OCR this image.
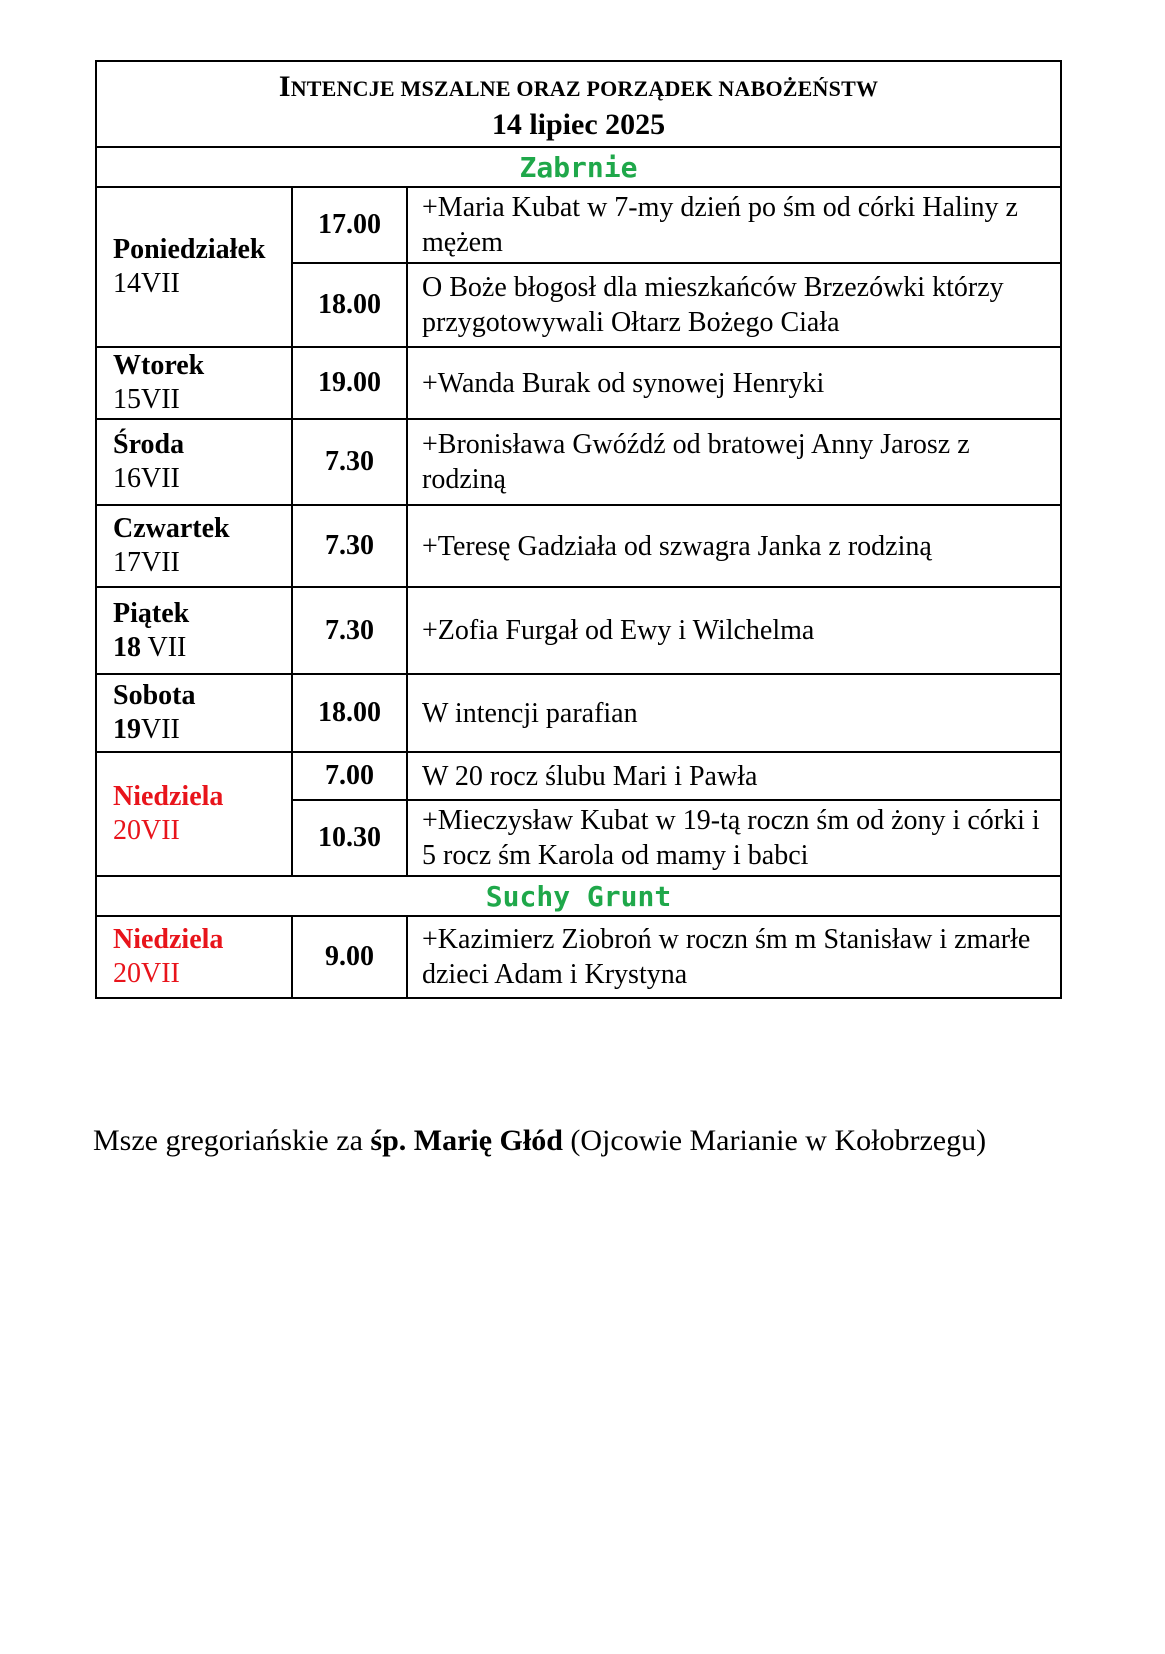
INTENCJE MSZALNE ORAZ PORZĄDEK NABOŻEŃSTW
14 lipiec 2025		

Zabrnie		

Poniedziałek
14VII	17.00	+Maria Kubat w 7-my dzień po śm od córki Haliny z mężem
	18.00	O Boże błogosł dla mieszkańców Brzezówki którzy przygotowywali Ołtarz Bożego Ciała

Wtorek
15VII	19.00	+Wanda Burak od synowej Henryki

Środa
16VII	7.30	+Bronisława Gwóźdź od bratowej Anny Jarosz z rodziną

Czwartek
17VII	7.30	+Teresę Gadziała od szwagra Janka z rodziną

Piątek
18 VII	7.30	+Zofia Furgał od Ewy i Wilchelma

Sobota
19VII	18.00	W intencji parafian

Niedziela
20VII	7.00	W 20 rocz ślubu Mari i Pawła
	10.30	+Mieczysław Kubat w 19-tą roczn śm od żony i córki i 5 rocz śm Karola od mamy i babci
Suchy Grunt		

Niedziela
20VII	9.00	+Kazimierz Ziobroń w roczn śm m Stanisław i zmarłe dzieci Adam i Krystyna
Msze gregoriańskie za śp. Marię Głód (Ojcowie Marianie w Kołobrzegu)
